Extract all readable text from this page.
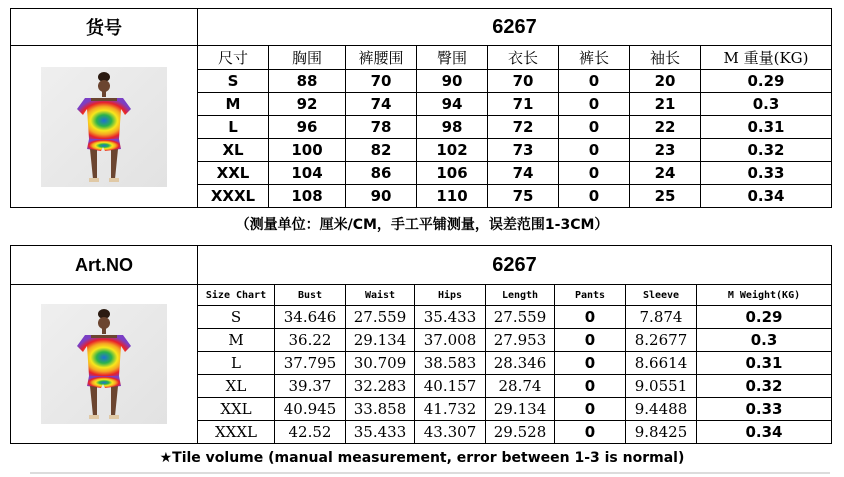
货号	6267							

	尺寸	胸围	裤腰围	臀围	衣长	裤长	袖长	M 重量(KG)
	S	88	70	90	70	0	20	0.29
	M	92	74	94	71	0	21	0.3
	L	96	78	98	72	0	22	0.31
	XL	100	82	102	73	0	23	0.32
	XXL	104	86	106	74	0	24	0.33
	XXXL	108	90	110	75	0	25	0.34
（测量单位：厘米/CM，手工平铺测量，误差范围1-3CM）
Art.NO	6267							

	Size Chart	Bust	Waist	Hips	Length	Pants	Sleeve	M Weight(KG)
	S	34.646	27.559	35.433	27.559	0	7.874	0.29
	M	36.22	29.134	37.008	27.953	0	8.2677	0.3
	L	37.795	30.709	38.583	28.346	0	8.6614	0.31
	XL	39.37	32.283	40.157	28.74	0	9.0551	0.32
	XXL	40.945	33.858	41.732	29.134	0	9.4488	0.33
	XXXL	42.52	35.433	43.307	29.528	0	9.8425	0.34
★Tile volume (manual measurement, error between 1-3 is normal)
